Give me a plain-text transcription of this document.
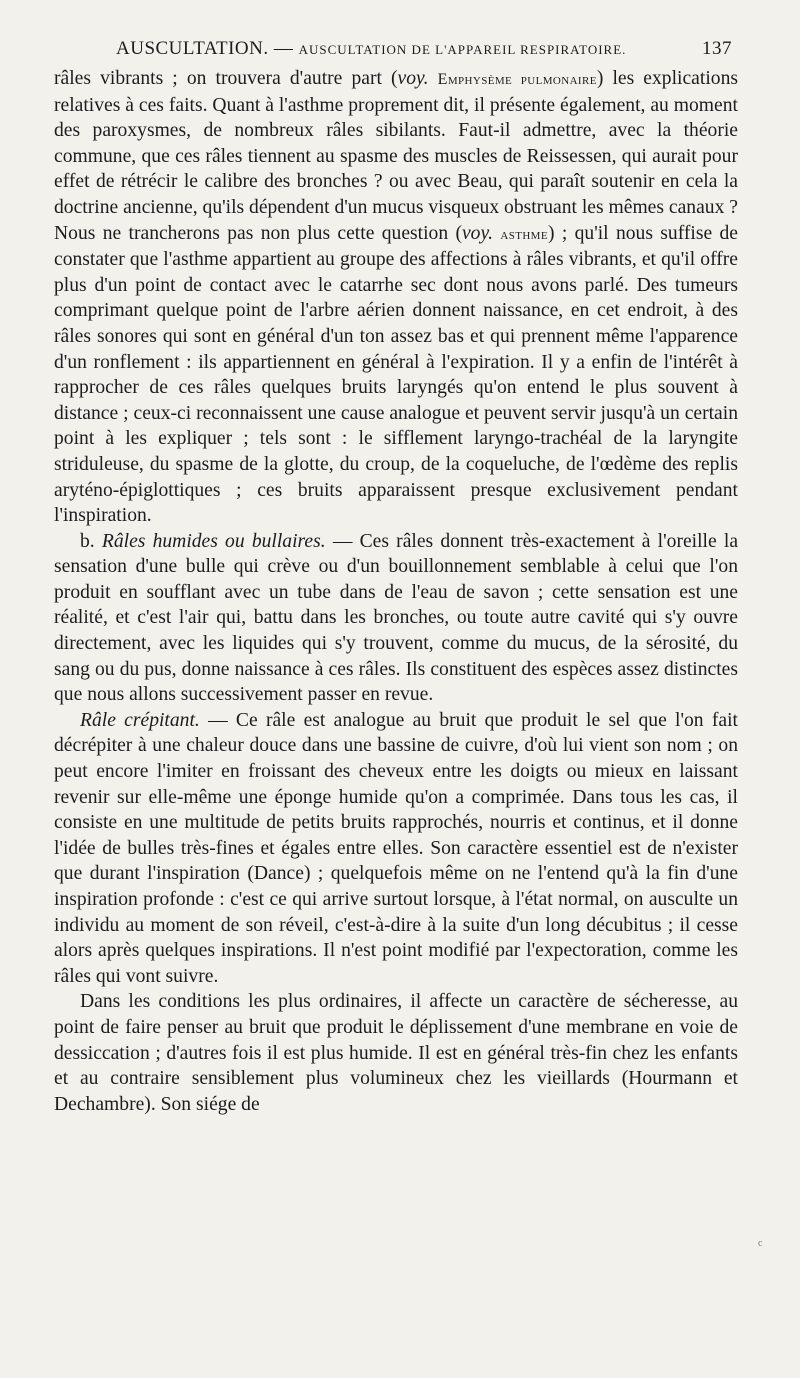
AUSCULTATION. — AUSCULTATION DE L'APPAREIL RESPIRATOIRE.	137

râles vibrants ; on trouvera d'autre part (voy. Emphysème pulmonaire) les explications relatives à ces faits. Quant à l'asthme proprement dit, il présente également, au moment des paroxysmes, de nombreux râles sibilants. Faut-il admettre, avec la théorie commune, que ces râles tiennent au spasme des muscles de Reissessen, qui aurait pour effet de rétrécir le calibre des bronches ? ou avec Beau, qui paraît soutenir en cela la doctrine ancienne, qu'ils dépendent d'un mucus visqueux obstruant les mêmes canaux ? Nous ne trancherons pas non plus cette question (voy. asthme) ; qu'il nous suffise de constater que l'asthme appartient au groupe des affections à râles vibrants, et qu'il offre plus d'un point de contact avec le catarrhe sec dont nous avons parlé. Des tumeurs comprimant quelque point de l'arbre aérien donnent naissance, en cet endroit, à des râles sonores qui sont en général d'un ton assez bas et qui prennent même l'apparence d'un ronflement : ils appartiennent en général à l'expiration. Il y a enfin de l'intérêt à rapprocher de ces râles quelques bruits laryngés qu'on entend le plus souvent à distance ; ceux-ci reconnaissent une cause analogue et peuvent servir jusqu'à un certain point à les expliquer ; tels sont : le sifflement laryngo-trachéal de la laryngite striduleuse, du spasme de la glotte, du croup, de la coqueluche, de l'œdème des replis aryténo-épiglottiques ; ces bruits apparaissent presque exclusivement pendant l'inspiration.

b. Râles humides ou bullaires. — Ces râles donnent très-exactement à l'oreille la sensation d'une bulle qui crève ou d'un bouillonnement semblable à celui que l'on produit en soufflant avec un tube dans de l'eau de savon ; cette sensation est une réalité, et c'est l'air qui, battu dans les bronches, ou toute autre cavité qui s'y ouvre directement, avec les liquides qui s'y trouvent, comme du mucus, de la sérosité, du sang ou du pus, donne naissance à ces râles. Ils constituent des espèces assez distinctes que nous allons successivement passer en revue.

Râle crépitant. — Ce râle est analogue au bruit que produit le sel que l'on fait décrépiter à une chaleur douce dans une bassine de cuivre, d'où lui vient son nom ; on peut encore l'imiter en froissant des cheveux entre les doigts ou mieux en laissant revenir sur elle-même une éponge humide qu'on a comprimée. Dans tous les cas, il consiste en une multitude de petits bruits rapprochés, nourris et continus, et il donne l'idée de bulles très-fines et égales entre elles. Son caractère essentiel est de n'exister que durant l'inspiration (Dance) ; quelquefois même on ne l'entend qu'à la fin d'une inspiration profonde : c'est ce qui arrive surtout lorsque, à l'état normal, on ausculte un individu au moment de son réveil, c'est-à-dire à la suite d'un long décubitus ; il cesse alors après quelques inspirations. Il n'est point modifié par l'expectoration, comme les râles qui vont suivre.

Dans les conditions les plus ordinaires, il affecte un caractère de sécheresse, au point de faire penser au bruit que produit le déplissement d'une membrane en voie de dessiccation ; d'autres fois il est plus humide. Il est en général très-fin chez les enfants et au contraire sensiblement plus volumineux chez les vieillards (Hourmann et Dechambre). Son siége de

c
